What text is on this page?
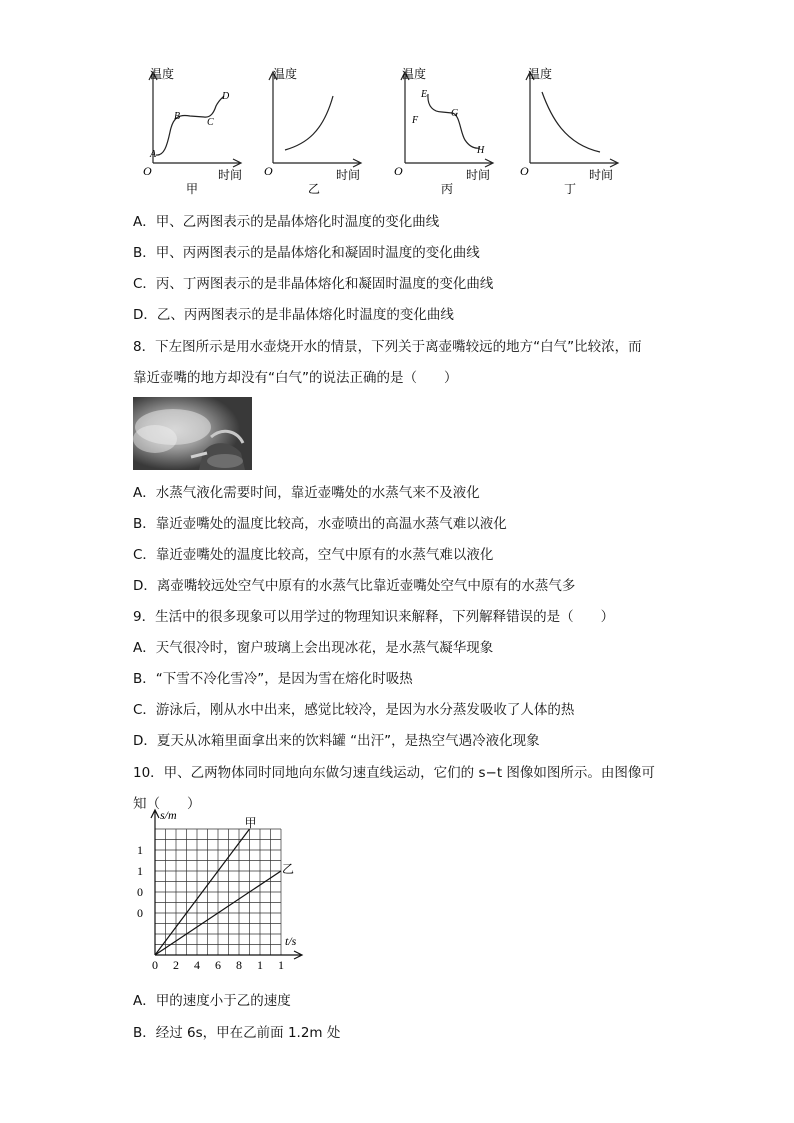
温度
时间
O
甲
A
B
C
D
温度
时间
O
乙
温度
时间
O
丙
E
F
G
H
温度
时间
O
丁
A．甲、乙两图表示的是晶体熔化时温度的变化曲线
B．甲、丙两图表示的是晶体熔化和凝固时温度的变化曲线
C．丙、丁两图表示的是非晶体熔化和凝固时温度的变化曲线
D．乙、丙两图表示的是非晶体熔化时温度的变化曲线
8．下左图所示是用水壶烧开水的情景，下列关于离壶嘴较远的地方“白气”比较浓，而
靠近壶嘴的地方却没有“白气”的说法正确的是（　　）
A．水蒸气液化需要时间，靠近壶嘴处的水蒸气来不及液化
B．靠近壶嘴处的温度比较高，水壶喷出的高温水蒸气难以液化
C．靠近壶嘴处的温度比较高，空气中原有的水蒸气难以液化
D．离壶嘴较远处空气中原有的水蒸气比靠近壶嘴处空气中原有的水蒸气多
9．生活中的很多现象可以用学过的物理知识来解释，下列解释错误的是（　　）
A．天气很冷时，窗户玻璃上会出现冰花，是水蒸气凝华现象
B．“下雪不冷化雪冷”，是因为雪在熔化时吸热
C．游泳后，刚从水中出来，感觉比较冷，是因为水分蒸发吸收了人体的热
D．夏天从冰箱里面拿出来的饮料罐 “出汗”，是热空气遇冷液化现象
10．甲、乙两物体同时同地向东做匀速直线运动，它们的 s−t 图像如图所示。由图像可
知（　　）
甲
乙
0 2 4 6 8 1 1
0
0
1
1
s/m
t/s
A．甲的速度小于乙的速度
B．经过 6s，甲在乙前面 1.2m 处
